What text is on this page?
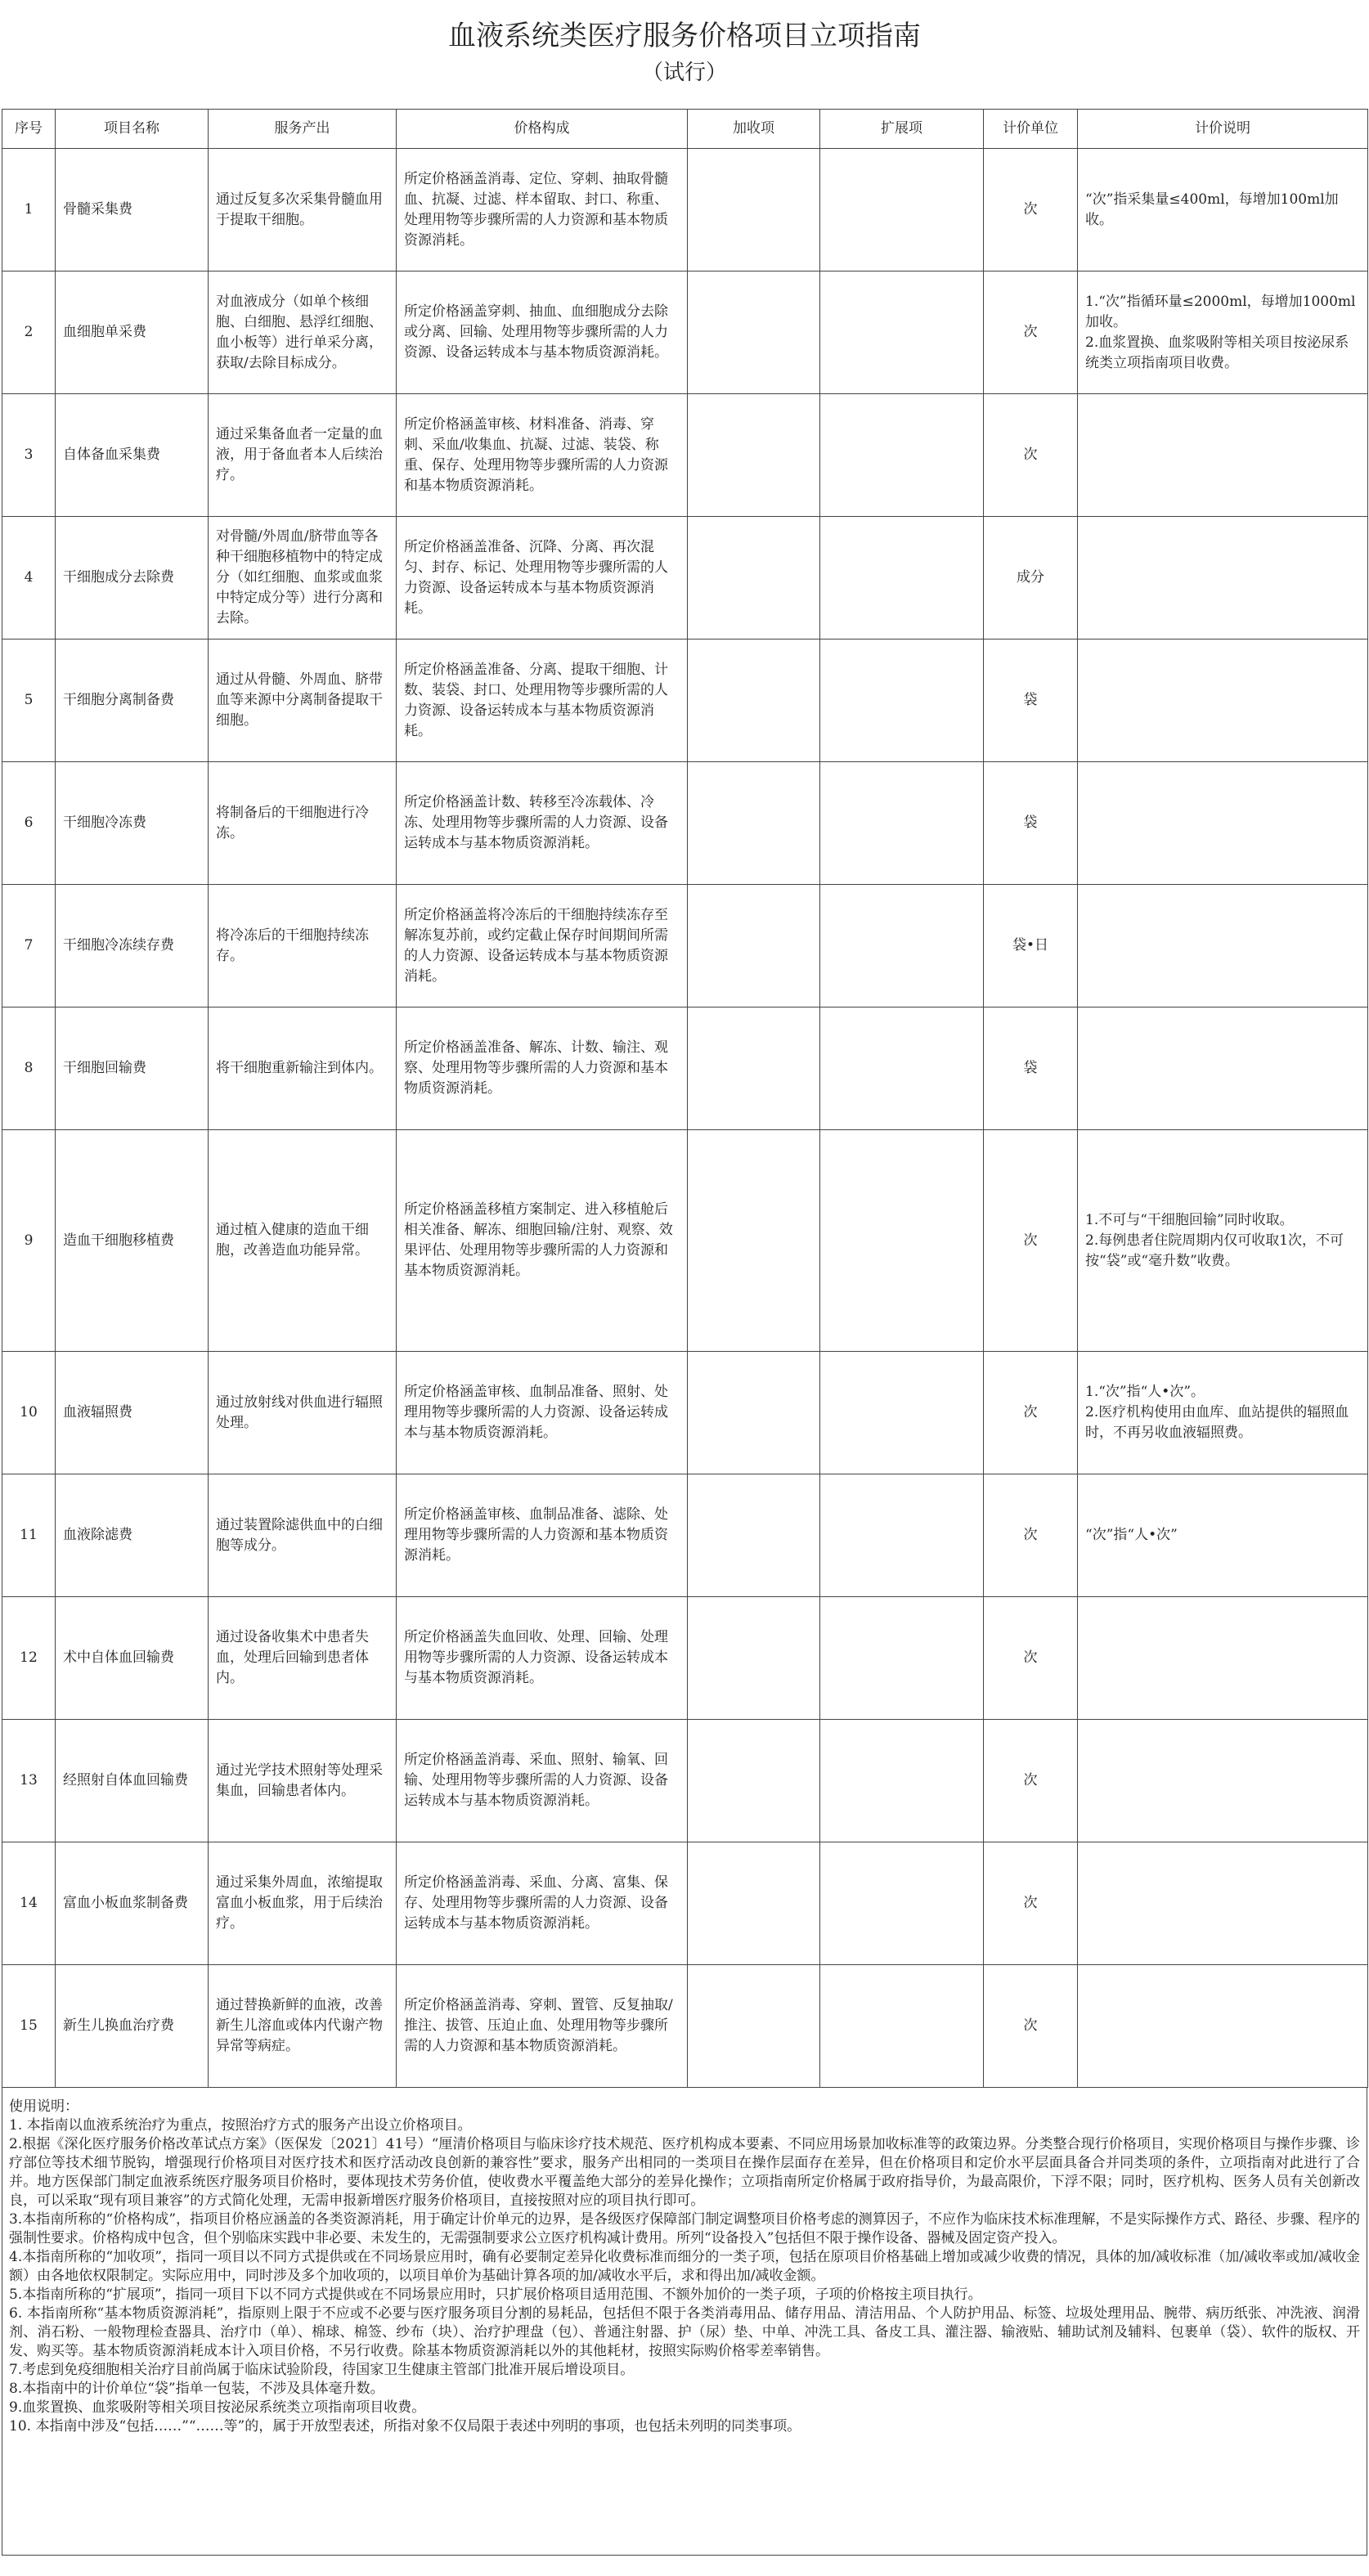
血液系统类医疗服务价格项目立项指南
（试行）
序号	项目名称	服务产出	价格构成	加收项	扩展项	计价单位	计价说明
1	骨髓采集费	通过反复多次采集骨髓血用于提取干细胞。	所定价格涵盖消毒、定位、穿刺、抽取骨髓血、抗凝、过滤、样本留取、封口、称重、处理用物等步骤所需的人力资源和基本物质资源消耗。			次	“次”指采集量≤400ml，每增加100ml加收。
2	血细胞单采费	对血液成分（如单个核细胞、白细胞、悬浮红细胞、血小板等）进行单采分离，获取/去除目标成分。	所定价格涵盖穿刺、抽血、血细胞成分去除或分离、回输、处理用物等步骤所需的人力资源、设备运转成本与基本物质资源消耗。			次	1.“次”指循环量≤2000ml，每增加1000ml加收。
2.血浆置换、血浆吸附等相关项目按泌尿系统类立项指南项目收费。
3	自体备血采集费	通过采集备血者一定量的血液，用于备血者本人后续治疗。	所定价格涵盖审核、材料准备、消毒、穿刺、采血/收集血、抗凝、过滤、装袋、称重、保存、处理用物等步骤所需的人力资源和基本物质资源消耗。			次	
4	干细胞成分去除费	对骨髓/外周血/脐带血等各种干细胞移植物中的特定成分（如红细胞、血浆或血浆中特定成分等）进行分离和去除。	所定价格涵盖准备、沉降、分离、再次混匀、封存、标记、处理用物等步骤所需的人力资源、设备运转成本与基本物质资源消耗。			成分	
5	干细胞分离制备费	通过从骨髓、外周血、脐带血等来源中分离制备提取干细胞。	所定价格涵盖准备、分离、提取干细胞、计数、装袋、封口、处理用物等步骤所需的人力资源、设备运转成本与基本物质资源消耗。			袋	
6	干细胞冷冻费	将制备后的干细胞进行冷冻。	所定价格涵盖计数、转移至冷冻载体、冷冻、处理用物等步骤所需的人力资源、设备运转成本与基本物质资源消耗。			袋	
7	干细胞冷冻续存费	将冷冻后的干细胞持续冻存。	所定价格涵盖将冷冻后的干细胞持续冻存至解冻复苏前，或约定截止保存时间期间所需的人力资源、设备运转成本与基本物质资源消耗。			袋•日	
8	干细胞回输费	将干细胞重新输注到体内。	所定价格涵盖准备、解冻、计数、输注、观察、处理用物等步骤所需的人力资源和基本物质资源消耗。			袋	
9	造血干细胞移植费	通过植入健康的造血干细胞，改善造血功能异常。	所定价格涵盖移植方案制定、进入移植舱后相关准备、解冻、细胞回输/注射、观察、效果评估、处理用物等步骤所需的人力资源和基本物质资源消耗。			次	1.不可与“干细胞回输”同时收取。
2.每例患者住院周期内仅可收取1次，不可按“袋”或“毫升数”收费。
10	血液辐照费	通过放射线对供血进行辐照处理。	所定价格涵盖审核、血制品准备、照射、处理用物等步骤所需的人力资源、设备运转成本与基本物质资源消耗。			次	1.“次”指“人•次”。
2.医疗机构使用由血库、血站提供的辐照血时，不再另收血液辐照费。
11	血液除滤费	通过装置除滤供血中的白细胞等成分。	所定价格涵盖审核、血制品准备、滤除、处理用物等步骤所需的人力资源和基本物质资源消耗。			次	“次”指“人•次”
12	术中自体血回输费	通过设备收集术中患者失血，处理后回输到患者体内。	所定价格涵盖失血回收、处理、回输、处理用物等步骤所需的人力资源、设备运转成本与基本物质资源消耗。			次	
13	经照射自体血回输费	通过光学技术照射等处理采集血，回输患者体内。	所定价格涵盖消毒、采血、照射、输氧、回输、处理用物等步骤所需的人力资源、设备运转成本与基本物质资源消耗。			次	
14	富血小板血浆制备费	通过采集外周血，浓缩提取富血小板血浆，用于后续治疗。	所定价格涵盖消毒、采血、分离、富集、保存、处理用物等步骤所需的人力资源、设备运转成本与基本物质资源消耗。			次	
15	新生儿换血治疗费	通过替换新鲜的血液，改善新生儿溶血或体内代谢产物异常等病症。	所定价格涵盖消毒、穿刺、置管、反复抽取/推注、拔管、压迫止血、处理用物等步骤所需的人力资源和基本物质资源消耗。			次	

使用说明：

1. 本指南以血液系统治疗为重点，按照治疗方式的服务产出设立价格项目。

2.根据《深化医疗服务价格改革试点方案》（医保发〔2021〕41号）“厘清价格项目与临床诊疗技术规范、医疗机构成本要素、不同应用场景加收标准等的政策边界。分类整合现行价格项目，实现价格项目与操作步骤、诊疗部位等技术细节脱钩，增强现行价格项目对医疗技术和医疗活动改良创新的兼容性”要求，服务产出相同的一类项目在操作层面存在差异，但在价格项目和定价水平层面具备合并同类项的条件，立项指南对此进行了合并。地方医保部门制定血液系统医疗服务项目价格时，要体现技术劳务价值，使收费水平覆盖绝大部分的差异化操作；立项指南所定价格属于政府指导价，为最高限价，下浮不限；同时，医疗机构、医务人员有关创新改良，可以采取“现有项目兼容”的方式简化处理，无需申报新增医疗服务价格项目，直接按照对应的项目执行即可。

3.本指南所称的“价格构成”，指项目价格应涵盖的各类资源消耗，用于确定计价单元的边界，是各级医疗保障部门制定调整项目价格考虑的测算因子，不应作为临床技术标准理解，不是实际操作方式、路径、步骤、程序的强制性要求。价格构成中包含，但个别临床实践中非必要、未发生的，无需强制要求公立医疗机构减计费用。所列“设备投入”包括但不限于操作设备、器械及固定资产投入。

4.本指南所称的“加收项”，指同一项目以不同方式提供或在不同场景应用时，确有必要制定差异化收费标准而细分的一类子项，包括在原项目价格基础上增加或减少收费的情况，具体的加/减收标准（加/减收率或加/减收金额）由各地依权限制定。实际应用中，同时涉及多个加收项的，以项目单价为基础计算各项的加/减收水平后，求和得出加/减收金额。

5.本指南所称的“扩展项”，指同一项目下以不同方式提供或在不同场景应用时，只扩展价格项目适用范围、不额外加价的一类子项，子项的价格按主项目执行。

6. 本指南所称“基本物质资源消耗”，指原则上限于不应或不必要与医疗服务项目分割的易耗品，包括但不限于各类消毒用品、储存用品、清洁用品、个人防护用品、标签、垃圾处理用品、腕带、病历纸张、冲洗液、润滑剂、消石粉、一般物理检查器具、治疗巾（单）、棉球、棉签、纱布（块）、治疗护理盘（包）、普通注射器、护（尿）垫、中单、冲洗工具、备皮工具、灌注器、输液贴、辅助试剂及辅料、包裹单（袋）、软件的版权、开发、购买等。基本物质资源消耗成本计入项目价格，不另行收费。除基本物质资源消耗以外的其他耗材，按照实际购价格零差率销售。

7.考虑到免疫细胞相关治疗目前尚属于临床试验阶段，待国家卫生健康主管部门批准开展后增设项目。

8.本指南中的计价单位“袋”指单一包装，不涉及具体毫升数。

9.血浆置换、血浆吸附等相关项目按泌尿系统类立项指南项目收费。

10. 本指南中涉及“包括……”“……等”的，属于开放型表述，所指对象不仅局限于表述中列明的事项，也包括未列明的同类事项。
